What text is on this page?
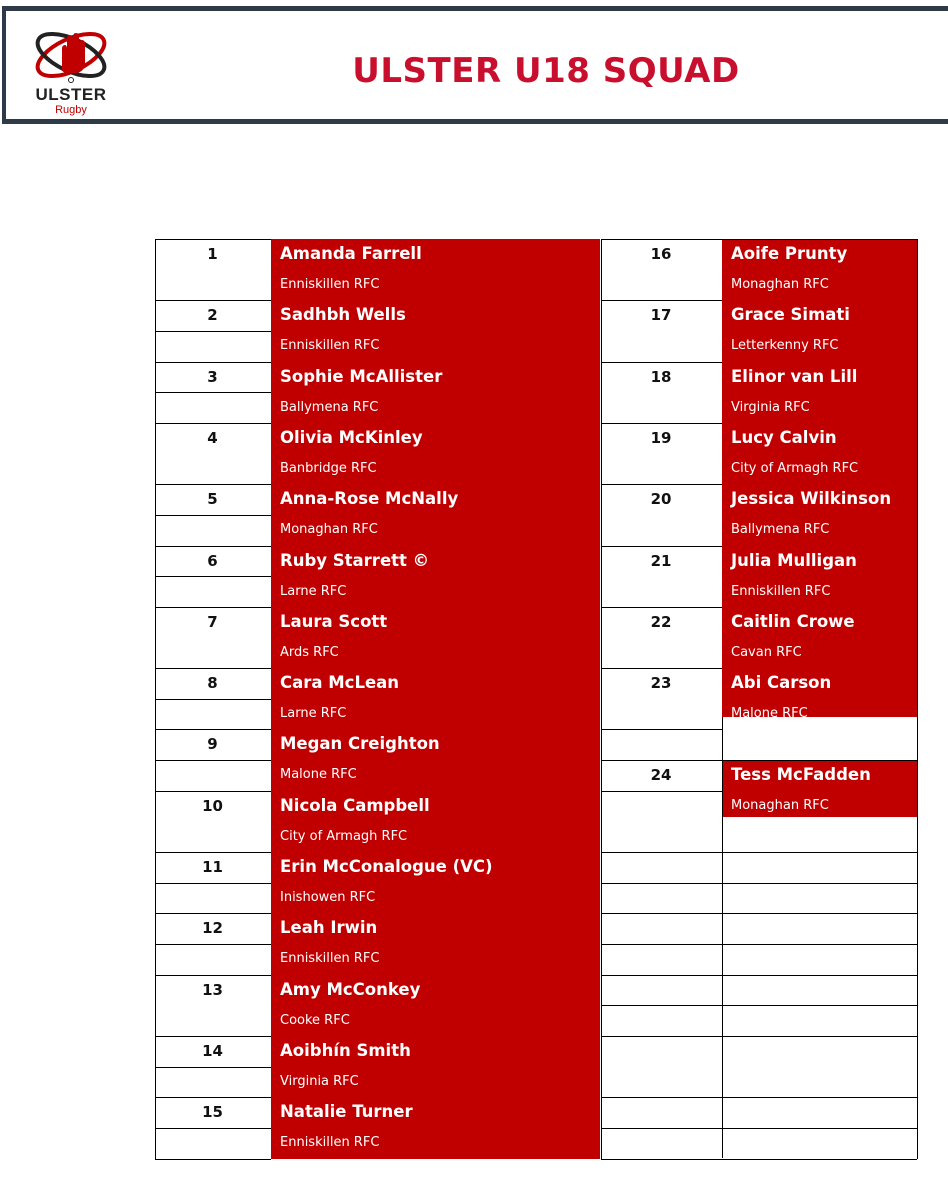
ULSTER
Rugby
ULSTER U18 SQUAD
1	Amanda Farrell
Enniskillen RFC
2	Sadhbh Wells
Enniskillen RFC
3	Sophie McAllister
Ballymena RFC
4	Olivia McKinley
Banbridge RFC
5	Anna-Rose McNally
Monaghan RFC
6	Ruby Starrett ©
Larne RFC
7	Laura Scott
Ards RFC
8	Cara McLean
Larne RFC
9	Megan Creighton
Malone RFC
10	Nicola Campbell
City of Armagh RFC
11	Erin McConalogue (VC)
Inishowen RFC
12	Leah Irwin
Enniskillen RFC
13	Amy McConkey
Cooke RFC
14	Aoibhín Smith
Virginia RFC
15	Natalie Turner
Enniskillen RFC
16	Aoife Prunty
Monaghan RFC
17	Grace Simati
Letterkenny RFC
18	Elinor van Lill
Virginia RFC
19	Lucy Calvin
City of Armagh RFC
20	Jessica Wilkinson
Ballymena RFC
21	Julia Mulligan
Enniskillen RFC
22	Caitlin Crowe
Cavan RFC
23	Abi Carson
Malone RFC
24	Tess McFadden
Monaghan RFC
